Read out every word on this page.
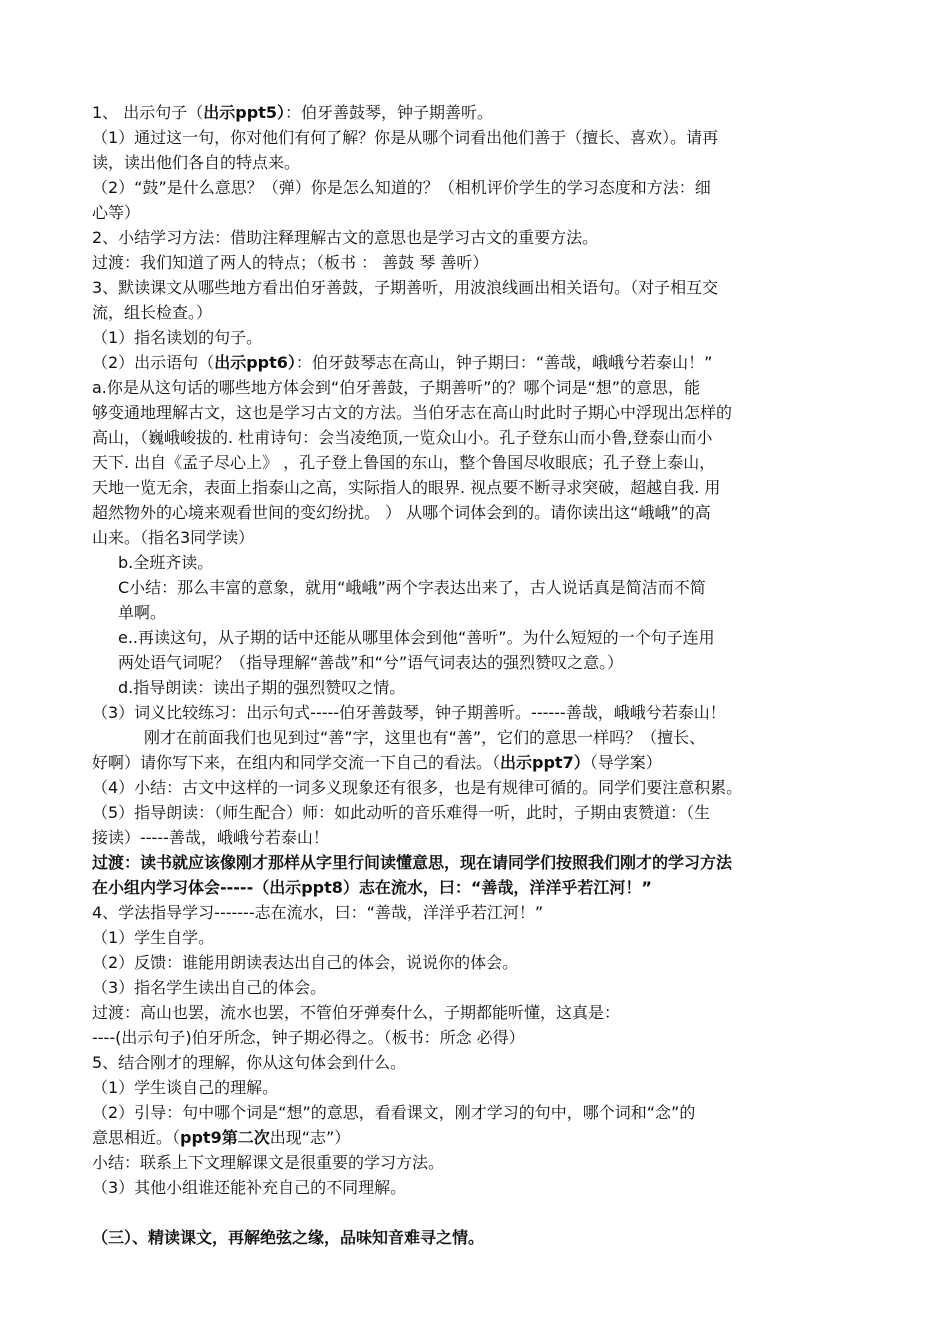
1、 出示句子（出示ppt5）：伯牙善鼓琴，钟子期善听。
（1）通过这一句，你对他们有何了解？你是从哪个词看出他们善于（擅长、喜欢）。请再
读，读出他们各自的特点来。
（2）“鼓”是什么意思？（弹）你是怎么知道的？（相机评价学生的学习态度和方法：细
心等）
2、小结学习方法：借助注释理解古文的意思也是学习古文的重要方法。
过渡：我们知道了两人的特点；（板书 ： 善鼓 琴 善听）
3、默读课文从哪些地方看出伯牙善鼓，子期善听，用波浪线画出相关语句。（对子相互交
流，组长检查。）
（1）指名读划的句子。
（2）出示语句（出示ppt6）：伯牙鼓琴志在高山，钟子期曰：“善哉，峨峨兮若泰山！”
a.你是从这句话的哪些地方体会到“伯牙善鼓，子期善听”的？哪个词是“想”的意思，能
够变通地理解古文，这也是学习古文的方法。当伯牙志在高山时此时子期心中浮现出怎样的
高山，（巍峨峻拔的. 杜甫诗句：会当凌绝顶,一览众山小。孔子登东山而小鲁,登泰山而小
天下. 出自《孟子尽心上》 ，孔子登上鲁国的东山，整个鲁国尽收眼底；孔子登上泰山，
天地一览无余，表面上指泰山之高，实际指人的眼界. 视点要不断寻求突破，超越自我. 用
超然物外的心境来观看世间的变幻纷扰。 ） 从哪个词体会到的。请你读出这“峨峨”的高
山来。（指名3同学读）
b.全班齐读。
C小结：那么丰富的意象，就用“峨峨”两个字表达出来了，古人说话真是简洁而不简
单啊。
e..再读这句，从子期的话中还能从哪里体会到他“善听”。为什么短短的一个句子连用
两处语气词呢？（指导理解“善哉”和“兮”语气词表达的强烈赞叹之意。）
d.指导朗读：读出子期的强烈赞叹之情。
（3）词义比较练习：出示句式-----伯牙善鼓琴，钟子期善听。------善哉，峨峨兮若泰山！
刚才在前面我们也见到过“善”字，这里也有“善”，它们的意思一样吗？（擅长、
好啊）请你写下来，在组内和同学交流一下自己的看法。（出示ppt7）（导学案）
（4）小结：古文中这样的一词多义现象还有很多，也是有规律可循的。同学们要注意积累。
（5）指导朗读：（师生配合）师：如此动听的音乐难得一听，此时，子期由衷赞道：（生
接读）-----善哉，峨峨兮若泰山！
过渡：读书就应该像刚才那样从字里行间读懂意思，现在请同学们按照我们刚才的学习方法
在小组内学习体会-----（出示ppt8）志在流水，曰：“善哉，洋洋乎若江河！”
4、学法指导学习-------志在流水，曰：“善哉，洋洋乎若江河！”
（1）学生自学。
（2）反馈：谁能用朗读表达出自己的体会，说说你的体会。
（3）指名学生读出自己的体会。
过渡：高山也罢，流水也罢，不管伯牙弹奏什么，子期都能听懂，这真是：
----(出示句子)伯牙所念，钟子期必得之。（板书：所念 必得）
5、结合刚才的理解，你从这句体会到什么。
（1）学生谈自己的理解。
（2）引导：句中哪个词是“想”的意思，看看课文，刚才学习的句中，哪个词和“念”的
意思相近。（ppt9第二次出现“志”）
小结：联系上下文理解课文是很重要的学习方法。
（3）其他小组谁还能补充自己的不同理解。
（三）、精读课文，再解绝弦之缘，品味知音难寻之情。
